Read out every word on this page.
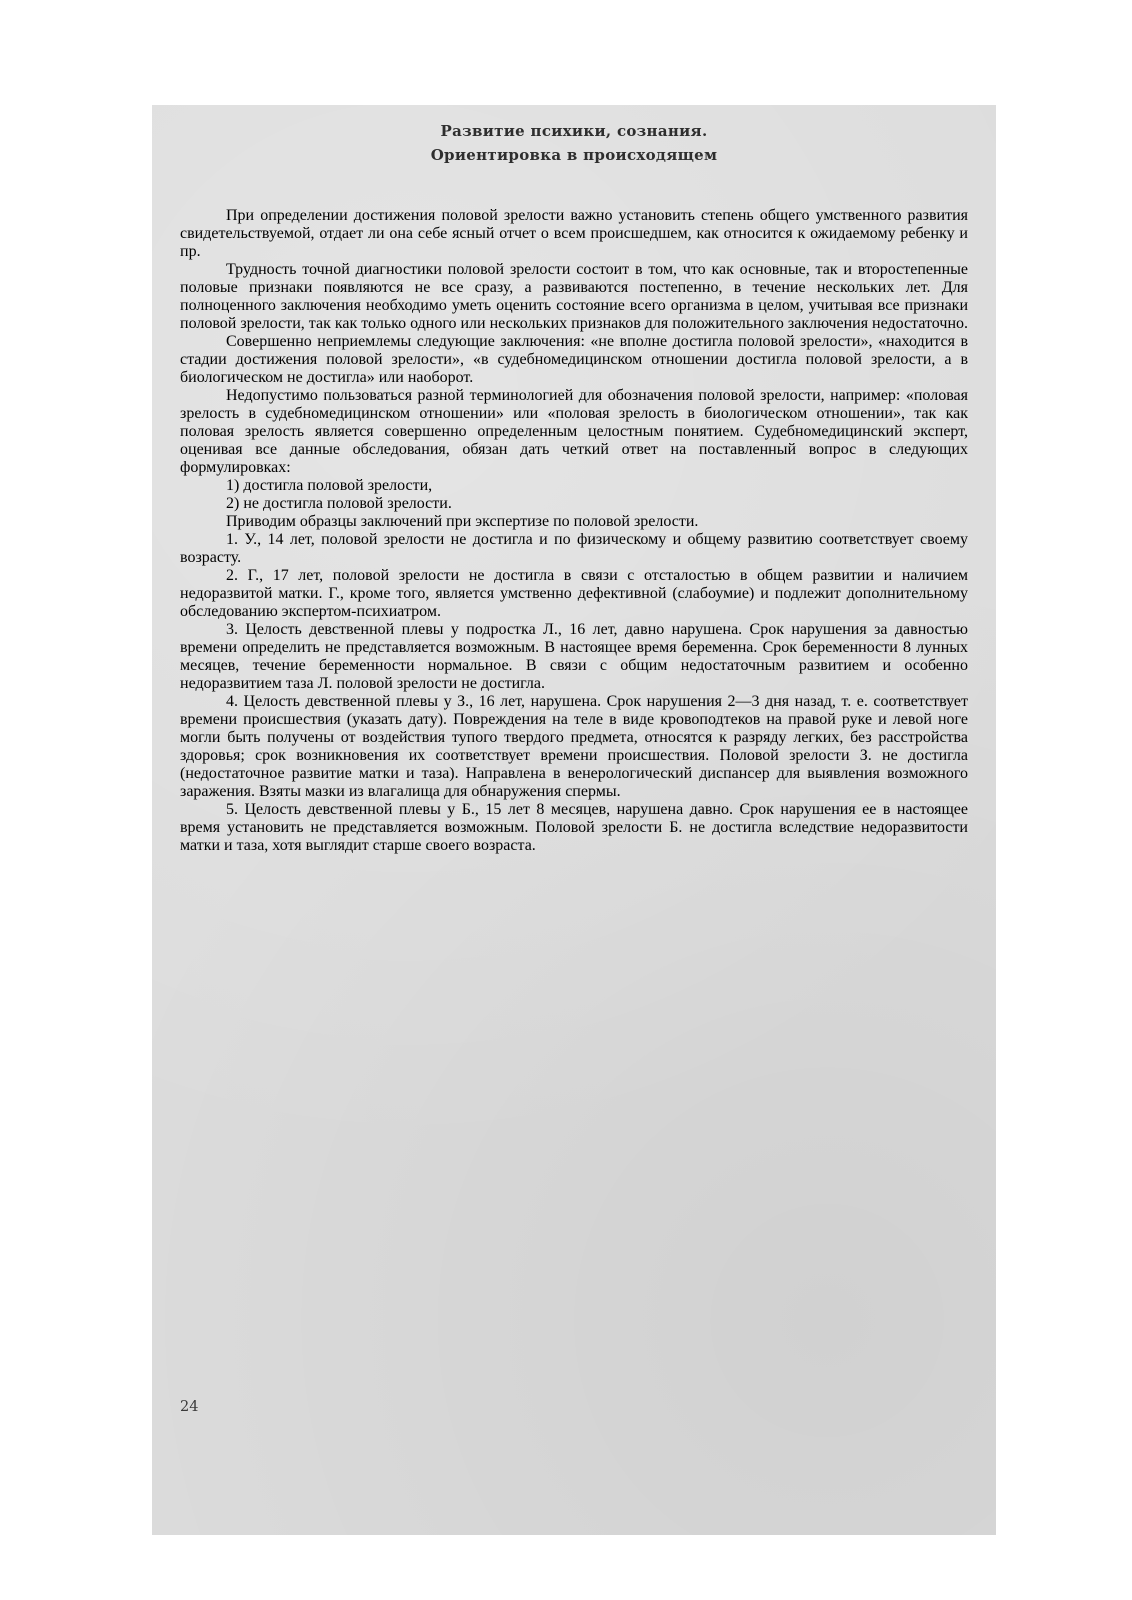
Развитие психики, сознания.
Ориентировка в происходящем

При определении достижения половой зрелости важно установить степень общего умственного развития свидетельствуемой, отдает ли она себе ясный отчет о всем происшедшем, как относится к ожидаемому ребенку и пр.

Трудность точной диагностики половой зрелости состоит в том, что как основные, так и второстепенные половые признаки появляются не все сразу, а развиваются постепенно, в течение нескольких лет. Для полноценного заключения необходимо уметь оценить состояние всего организма в целом, учитывая все признаки половой зрелости, так как только одного или нескольких признаков для положительного заключения недостаточно.

Совершенно неприемлемы следующие заключения: «не вполне достигла половой зрелости», «находится в стадии достижения половой зрелости», «в судебномедицинском отношении достигла половой зрелости, а в биологическом не достигла» или наоборот.

Недопустимо пользоваться разной терминологией для обозначения половой зрелости, например: «половая зрелость в судебномедицинском отношении» или «половая зрелость в биологическом отношении», так как половая зрелость является совершенно определенным целостным понятием. Судебномедицинский эксперт, оценивая все данные обследования, обязан дать четкий ответ на поставленный вопрос в следующих формулировках:

1) достигла половой зрелости,

2) не достигла половой зрелости.

Приводим образцы заключений при экспертизе по половой зрелости.

1. У., 14 лет, половой зрелости не достигла и по физическому и общему развитию соответствует своему возрасту.

2. Г., 17 лет, половой зрелости не достигла в связи с отсталостью в общем развитии и наличием недоразвитой матки. Г., кроме того, является умственно дефективной (слабоумие) и подлежит дополнительному обследованию экспертом-психиатром.

3. Целость девственной плевы у подростка Л., 16 лет, давно нарушена. Срок нарушения за давностью времени определить не представляется возможным. В настоящее время беременна. Срок беременности 8 лунных месяцев, течение беременности нормальное. В связи с общим недостаточным развитием и особенно недоразвитием таза Л. половой зрелости не достигла.

4. Целость девственной плевы у З., 16 лет, нарушена. Срок нарушения 2—3 дня назад, т. е. соответствует времени происшествия (указать дату). Повреждения на теле в виде кровоподтеков на правой руке и левой ноге могли быть получены от воздействия тупого твердого предмета, относятся к разряду легких, без расстройства здоровья; срок возникновения их соответствует времени происшествия. Половой зрелости З. не достигла (недостаточное развитие матки и таза). Направлена в венерологический диспансер для выявления возможного заражения. Взяты мазки из влагалища для обнаружения спермы.

5. Целость девственной плевы у Б., 15 лет 8 месяцев, нарушена давно. Срок нарушения ее в настоящее время установить не представляется возможным. Половой зрелости Б. не достигла вследствие недоразвитости матки и таза, хотя выглядит старше своего возраста.

24
